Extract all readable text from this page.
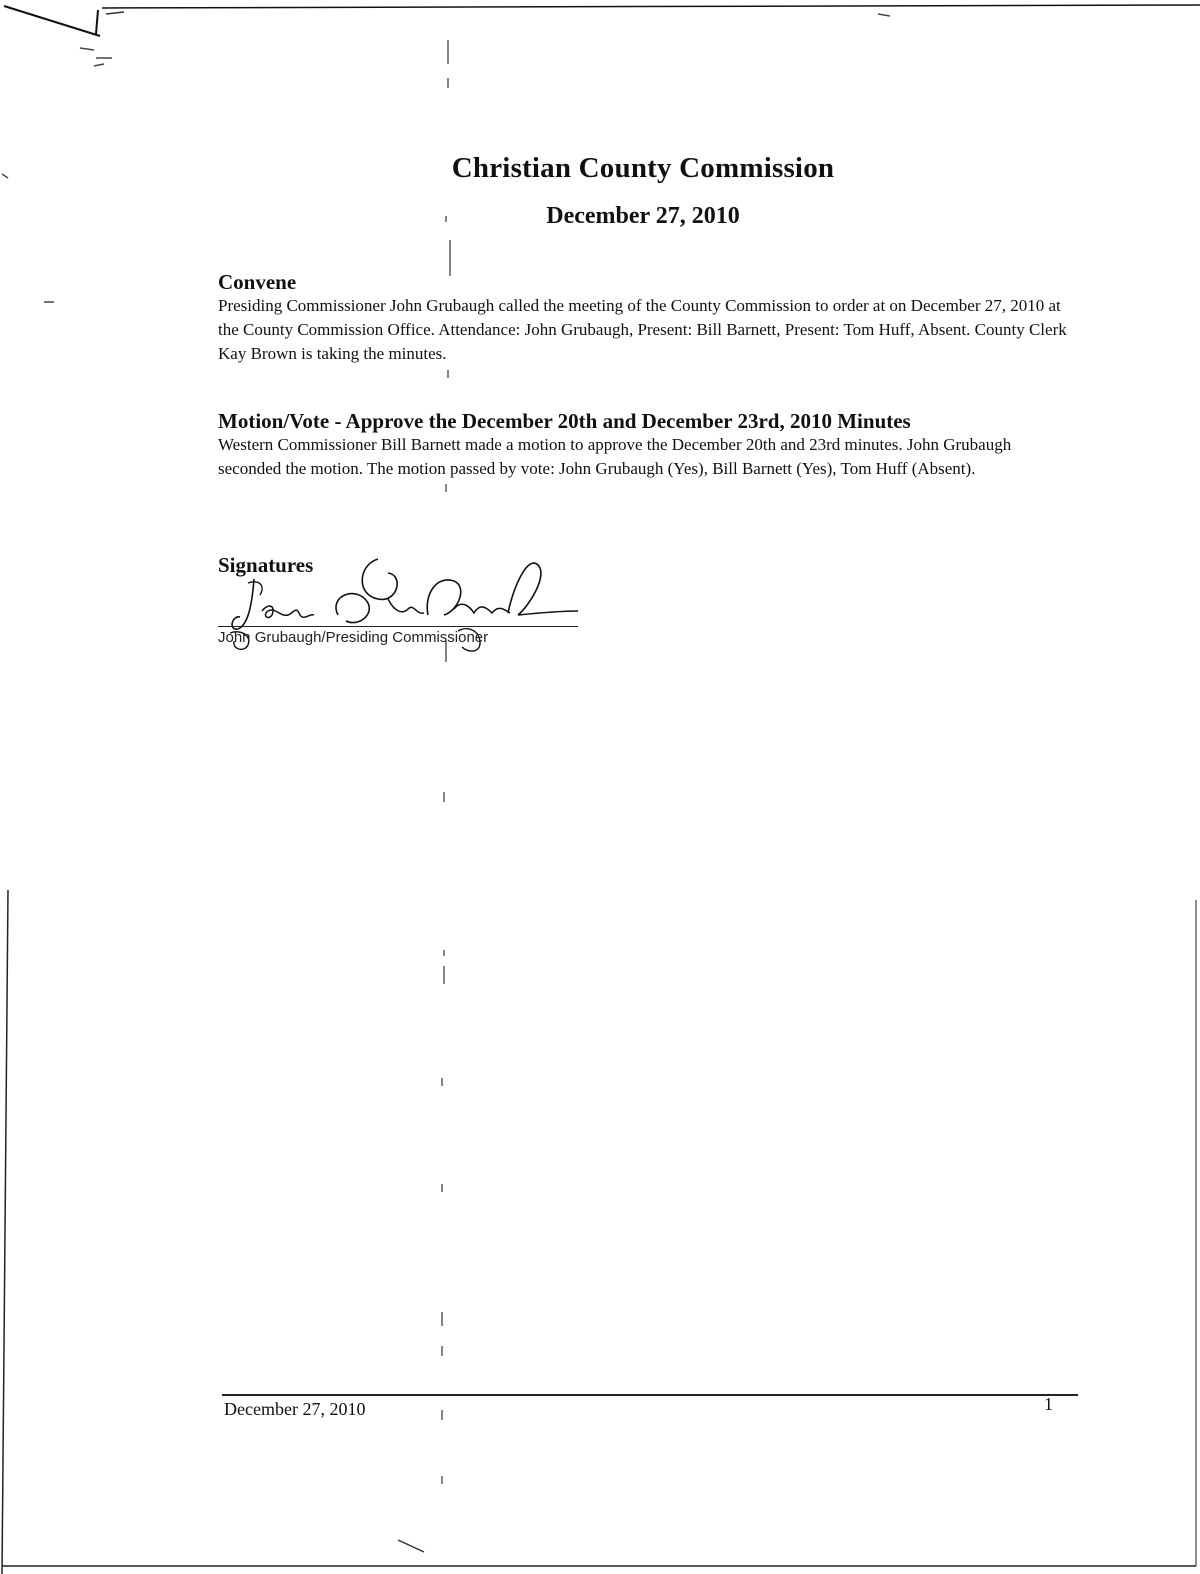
Christian County Commission
December 27, 2010
Convene

Presiding Commissioner John Grubaugh called the meeting of the County Commission to order at on December 27, 2010 at the County Commission Office. Attendance: John Grubaugh, Present: Bill Barnett, Present: Tom Huff, Absent. County Clerk Kay Brown is taking the minutes.

Motion/Vote - Approve the December 20th and December 23rd, 2010 Minutes

Western Commissioner Bill Barnett made a motion to approve the December 20th and 23rd minutes. John Grubaugh seconded the motion. The motion passed by vote: John Grubaugh (Yes), Bill Barnett (Yes), Tom Huff (Absent).

Signatures
John Grubaugh/Presiding Commissioner
December 27, 2010	1
